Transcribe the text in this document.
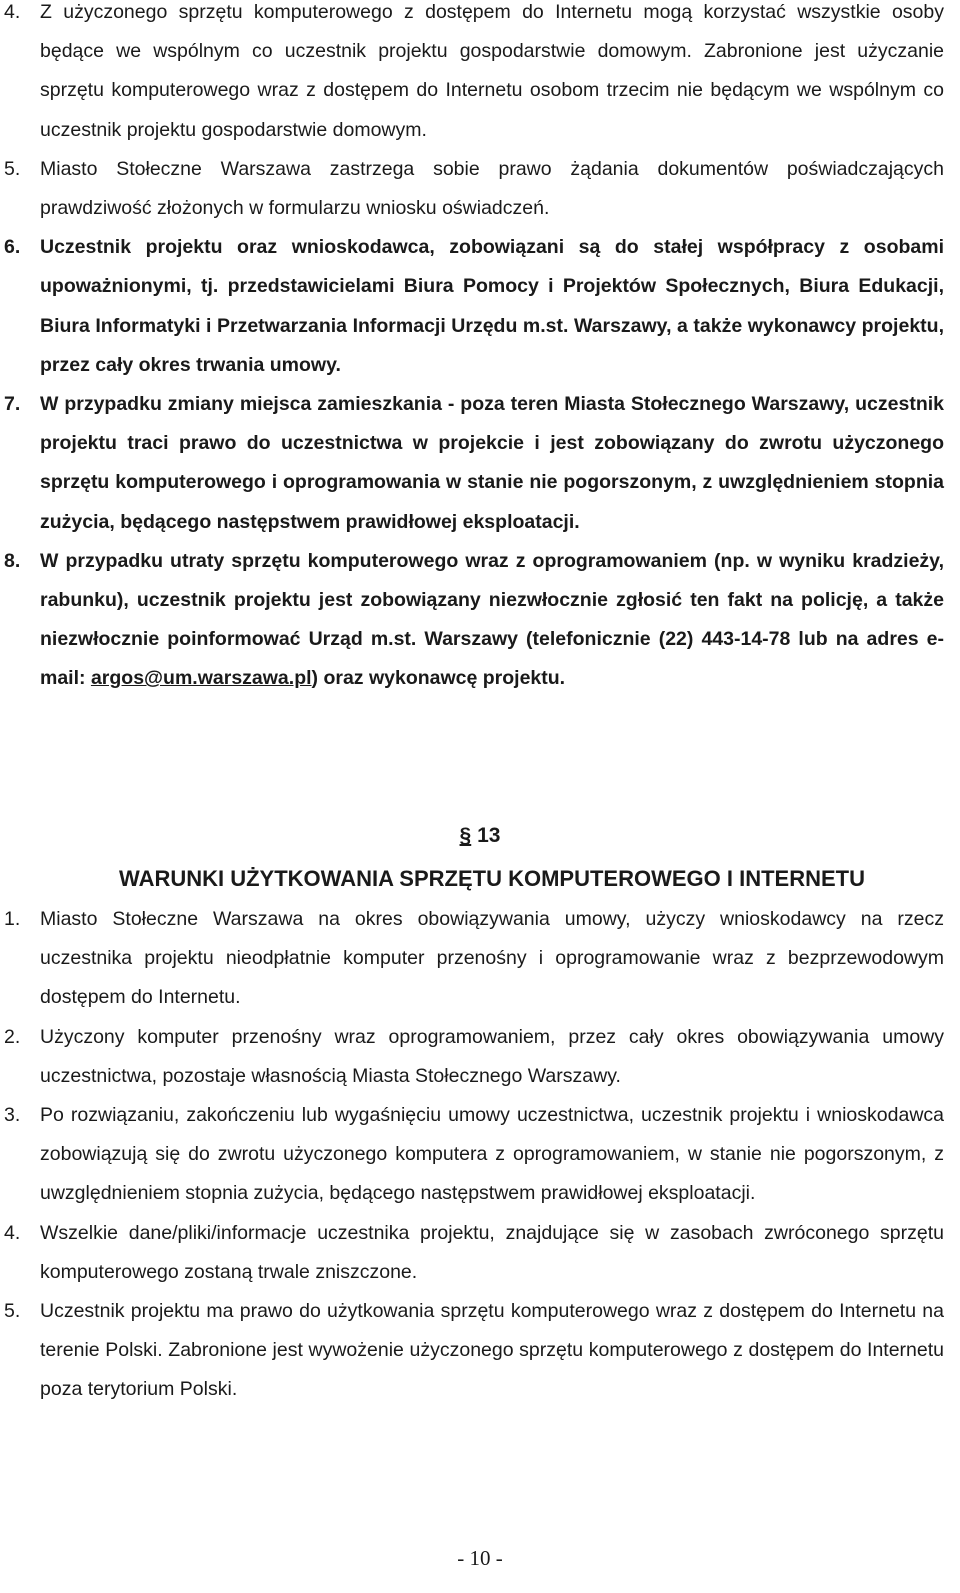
4.	Z użyczonego sprzętu komputerowego z dostępem do Internetu mogą korzystać wszystkie osoby będące we wspólnym co uczestnik projektu gospodarstwie domowym. Zabronione jest użyczanie sprzętu komputerowego wraz z dostępem do Internetu osobom trzecim nie będącym we wspólnym co uczestnik projektu gospodarstwie domowym.
5.	Miasto Stołeczne Warszawa zastrzega sobie prawo żądania dokumentów poświadczających prawdziwość złożonych w formularzu wniosku oświadczeń.
6.	Uczestnik projektu oraz wnioskodawca, zobowiązani są do stałej współpracy z osobami upoważnionymi, tj. przedstawicielami Biura Pomocy i Projektów Społecznych, Biura Edukacji, Biura Informatyki i Przetwarzania Informacji Urzędu m.st. Warszawy, a także wykonawcy projektu, przez cały okres trwania umowy.
7.	W przypadku zmiany miejsca zamieszkania - poza teren Miasta Stołecznego Warszawy, uczestnik projektu traci prawo do uczestnictwa w projekcie i jest zobowiązany do zwrotu użyczonego sprzętu komputerowego i oprogramowania w stanie nie pogorszonym, z uwzględnieniem stopnia zużycia, będącego następstwem prawidłowej eksploatacji.
8.	W przypadku utraty sprzętu komputerowego wraz z oprogramowaniem (np. w wyniku kradzieży, rabunku), uczestnik projektu jest zobowiązany niezwłocznie zgłosić ten fakt na policję, a także niezwłocznie poinformować Urząd m.st. Warszawy (telefonicznie (22) 443-14-78 lub na adres e-mail: argos@um.warszawa.pl) oraz wykonawcę projektu.
§ 13
WARUNKI UŻYTKOWANIA SPRZĘTU KOMPUTEROWEGO I INTERNETU
1.	Miasto Stołeczne Warszawa na okres obowiązywania umowy, użyczy wnioskodawcy na rzecz uczestnika projektu nieodpłatnie komputer przenośny i oprogramowanie wraz z bezprzewodowym dostępem do Internetu.
2.	Użyczony komputer przenośny wraz oprogramowaniem, przez cały okres obowiązywania umowy uczestnictwa, pozostaje własnością Miasta Stołecznego Warszawy.
3.	Po rozwiązaniu, zakończeniu lub wygaśnięciu umowy uczestnictwa, uczestnik projektu i wnioskodawca zobowiązują się do zwrotu użyczonego komputera z oprogramowaniem, w stanie nie pogorszonym, z uwzględnieniem stopnia zużycia, będącego następstwem prawidłowej eksploatacji.
4.	Wszelkie dane/pliki/informacje uczestnika projektu, znajdujące się w zasobach zwróconego sprzętu komputerowego zostaną trwale zniszczone.
5.	Uczestnik projektu ma prawo do użytkowania sprzętu komputerowego wraz z dostępem do Internetu na terenie Polski. Zabronione jest wywożenie użyczonego sprzętu komputerowego z dostępem do Internetu poza terytorium Polski.
- 10 -
